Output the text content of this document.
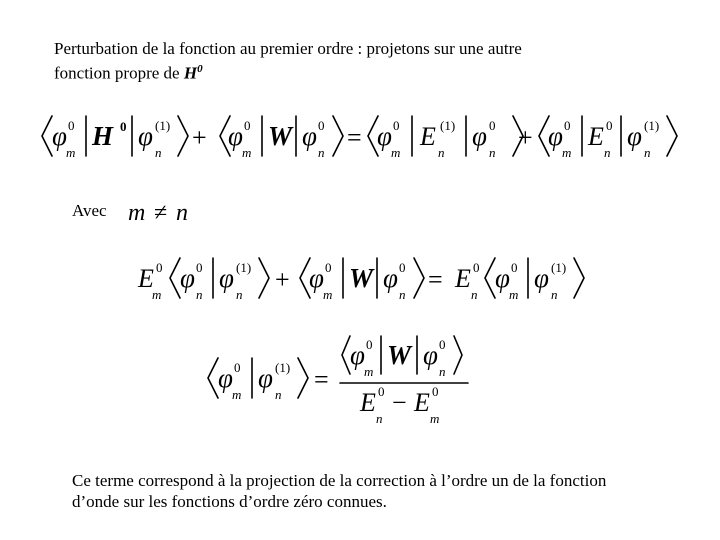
Perturbation de la fonction au premier ordre : projetons sur une autre
fonction propre de $H^0$
Avec
Ce terme correspond à la projection de la correction à l’ordre un de la fonction
d’onde sur les fonctions d’ordre zéro connues.
φ 0
m
H 0 φ (1)
n
+ φ 0
m
W φ 0
n
= φ 0
m
E (1)
n
φ 0
n
+ φ 0
m
E 0
n
φ (1)
n
m ≠ n
E 0
m
φ 0
n
φ (1)
n
+ φ 0
m
W φ 0
n
= E 0
n
φ 0
m
φ (1)
n
φ 0
m
φ (1)
n
=
φ 0
m
W φ 0
n
E 0
n
− E 0
m
